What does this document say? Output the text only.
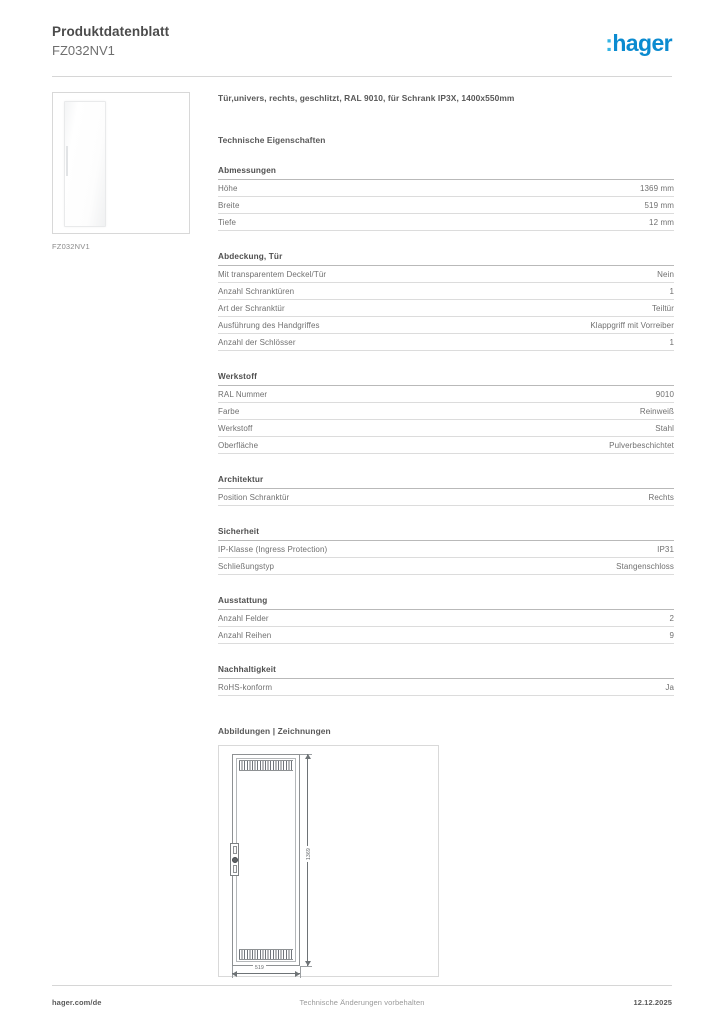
Produktdatenblatt
FZ032NV1	:hager
FZ032NV1
Tür,univers, rechts, geschlitzt, RAL 9010, für Schrank IP3X, 1400x550mm
Technische Eigenschaften
Abmessungen
Höhe	1369 mm
Breite	519 mm
Tiefe	12 mm
Abdeckung, Tür
Mit transparentem Deckel/Tür	Nein
Anzahl Schranktüren	1
Art der Schranktür	Teiltür
Ausführung des Handgriffes	Klappgriff mit Vorreiber
Anzahl der Schlösser	1
Werkstoff
RAL Nummer	9010
Farbe	Reinweiß
Werkstoff	Stahl
Oberfläche	Pulverbeschichtet
Architektur
Position Schranktür	Rechts
Sicherheit
IP-Klasse (Ingress Protection)	IP31
Schließungstyp	Stangenschloss
Ausstattung
Anzahl Felder	2
Anzahl Reihen	9
Nachhaltigkeit
RoHS-konform	Ja
Abbildungen | Zeichnungen
1369
519
hager.com/de	Technische Änderungen vorbehalten	12.12.2025
